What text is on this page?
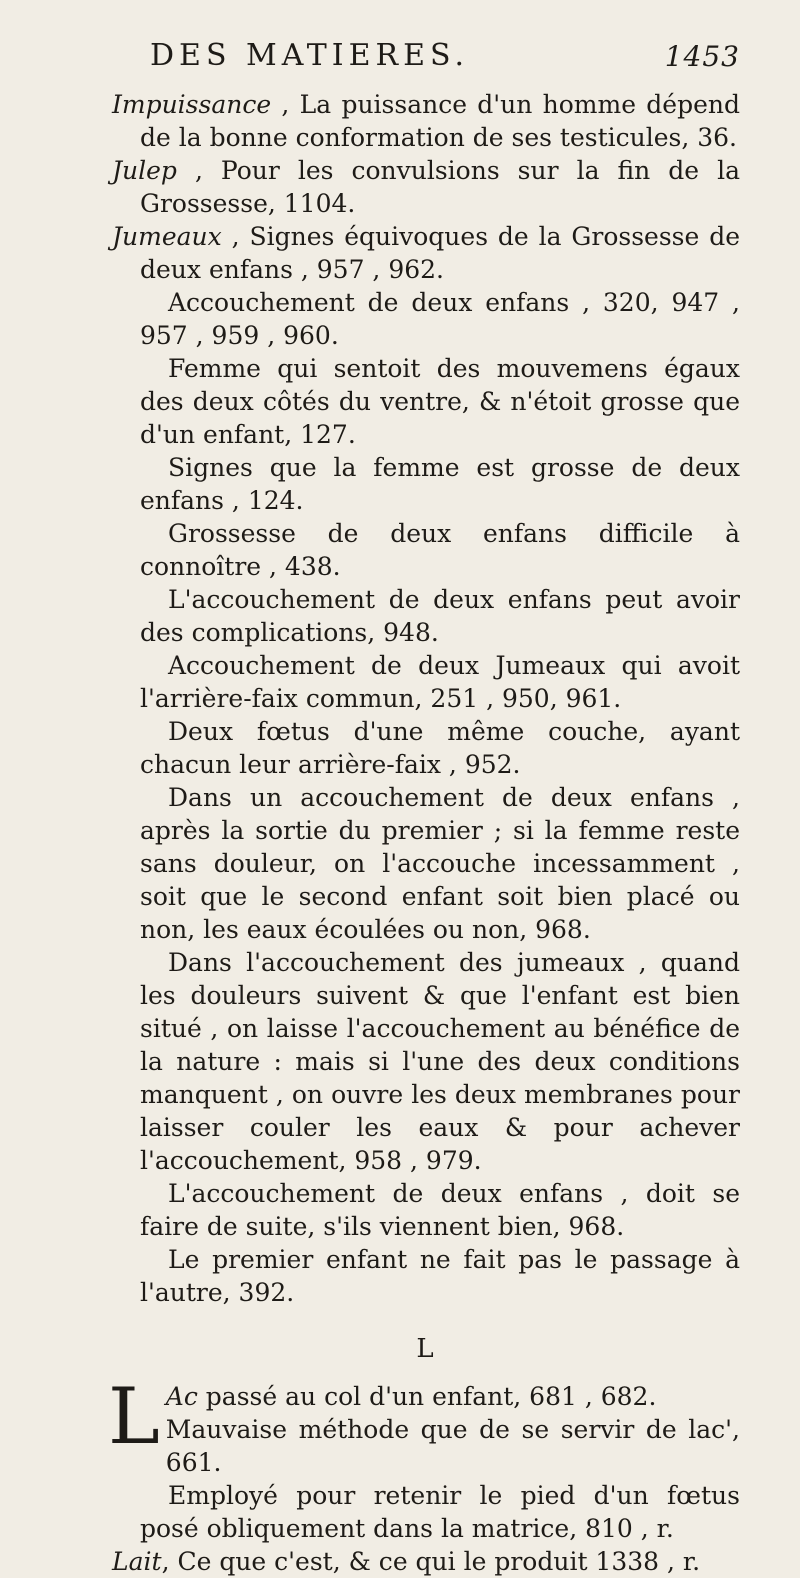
DES MATIERES.	1453

Impuissance , La puissance d'un homme dépend de la bonne conformation de ses testicules, 36.

Julep , Pour les convulsions sur la fin de la Grossesse, 1104.

Jumeaux , Signes équivoques de la Grossesse de deux enfans , 957 , 962.

Accouchement de deux enfans , 320, 947 , 957 , 959 , 960.

Femme qui sentoit des mouvemens égaux des deux côtés du ventre, & n'étoit grosse que d'un enfant, 127.

Signes que la femme est grosse de deux enfans , 124.

Grossesse de deux enfans difficile à connoître , 438.

L'accouchement de deux enfans peut avoir des complications, 948.

Accouchement de deux Jumeaux qui avoit l'arrière-faix commun, 251 , 950, 961.

Deux fœtus d'une même couche, ayant chacun leur arrière-faix , 952.

Dans un accouchement de deux enfans , après la sortie du premier ; si la femme reste sans douleur, on l'accouche incessamment , soit que le second enfant soit bien placé ou non, les eaux écoulées ou non, 968.

Dans l'accouchement des jumeaux , quand les douleurs suivent & que l'enfant est bien situé , on laisse l'accouchement au bénéfice de la nature : mais si l'une des deux conditions manquent , on ouvre les deux membranes pour laisser couler les eaux & pour achever l'accouchement, 958 , 979.

L'accouchement de deux enfans , doit se faire de suite, s'ils viennent bien, 968.

Le premier enfant ne fait pas le passage à l'autre, 392.

L
L Ac passé au col d'un enfant, 681 , 682.

Mauvaise méthode que de se servir de lac', 661.

Employé pour retenir le pied d'un fœtus posé obliquement dans la matrice, 810 , r.

Lait, Ce que c'est, & ce qui le produit 1338 , r.
